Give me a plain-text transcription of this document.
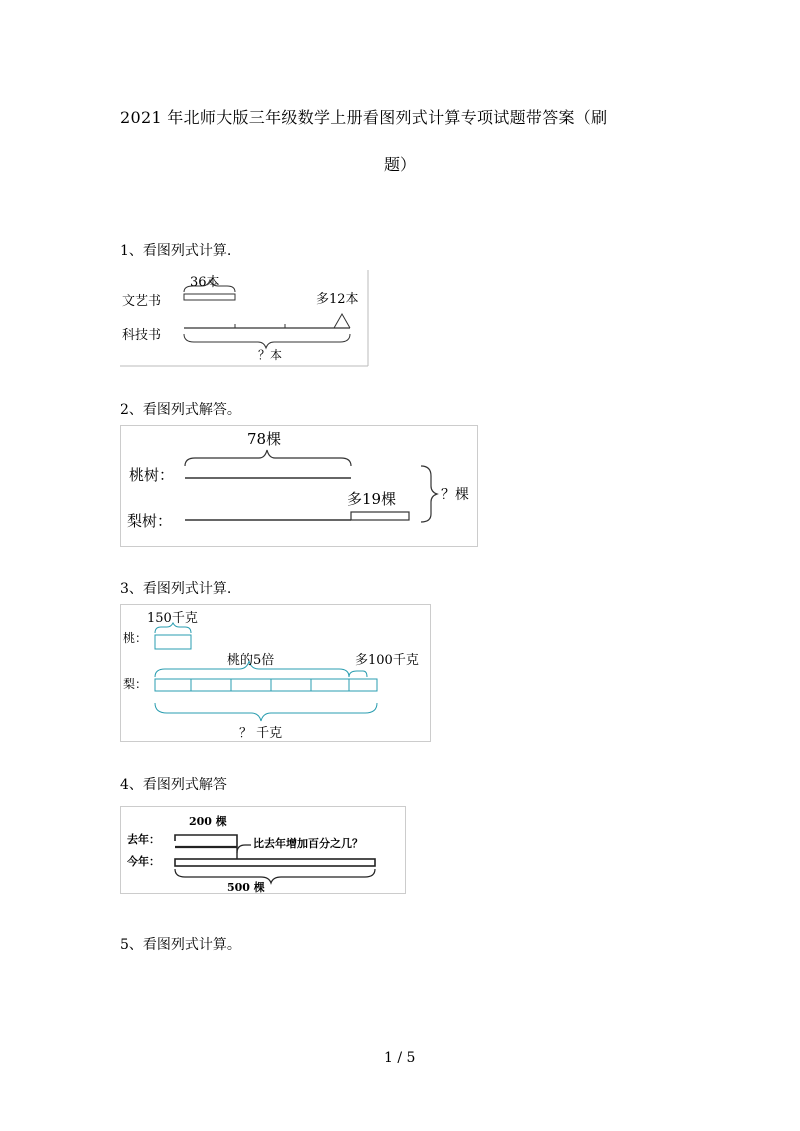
2021 年北师大版三年级数学上册看图列式计算专项试题带答案（刷
题）
1、看图列式计算.
36本
文艺书	多12本
科技书
？本
2、看图列式解答。
78棵
桃树：
多19棵
梨树：
？棵
3、看图列式计算.
150千克
桃：
桃的5倍	多100千克
梨：
？ 千克
4、看图列式解答
200 棵
去年：	比去年增加百分之几？
今年：
500 棵
5、看图列式计算。
1 / 5
